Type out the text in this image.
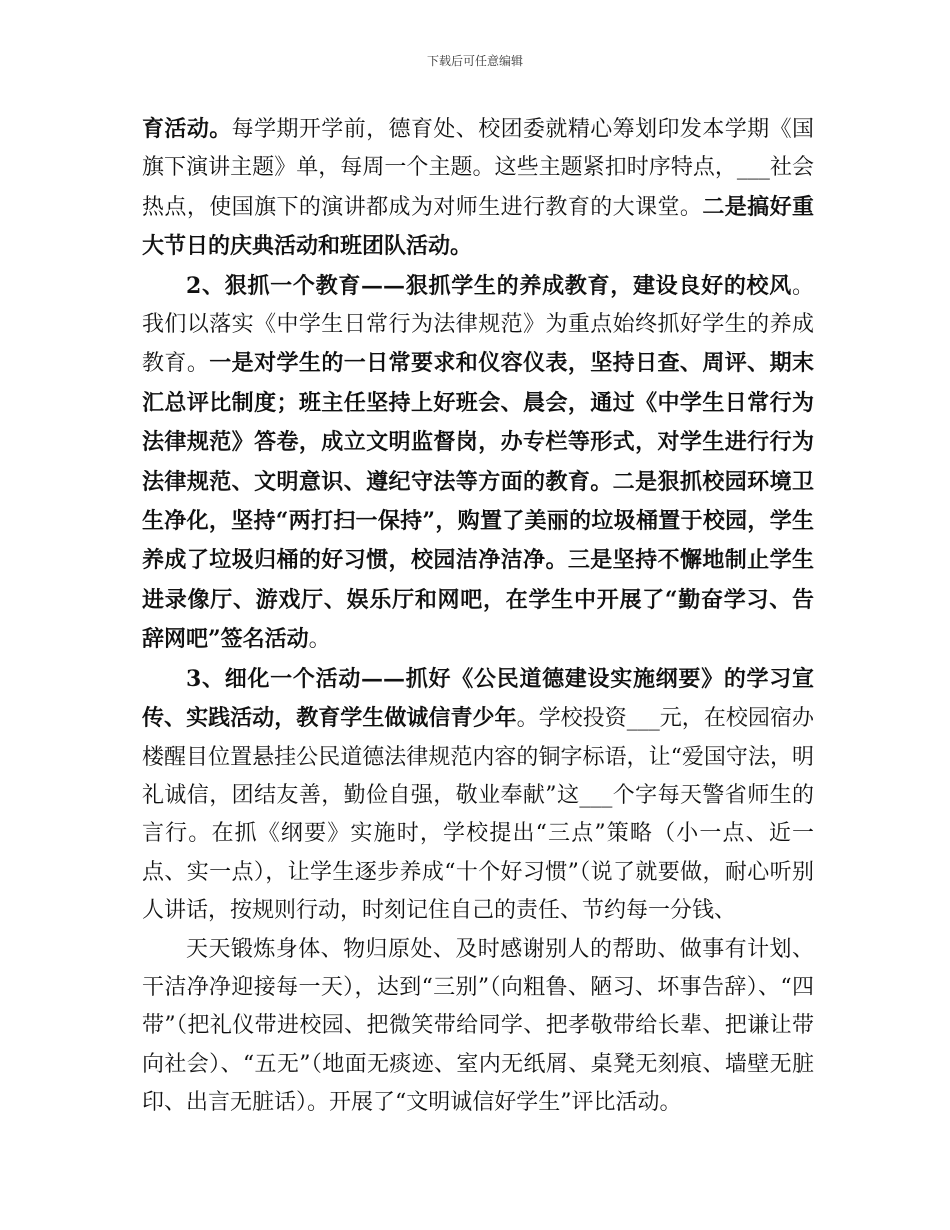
下载后可任意编辑

育活动。每学期开学前，德育处、校团委就精心筹划印发本学期《国旗下演讲主题》单，每周一个主题。这些主题紧扣时序特点，___社会热点，使国旗下的演讲都成为对师生进行教育的大课堂。二是搞好重大节日的庆典活动和班团队活动。

2、狠抓一个教育——狠抓学生的养成教育，建设良好的校风。我们以落实《中学生日常行为法律规范》为重点始终抓好学生的养成教育。一是对学生的一日常要求和仪容仪表，坚持日查、周评、期末汇总评比制度；班主任坚持上好班会、晨会，通过《中学生日常行为法律规范》答卷，成立文明监督岗，办专栏等形式，对学生进行行为法律规范、文明意识、遵纪守法等方面的教育。二是狠抓校园环境卫生净化，坚持“两打扫一保持”，购置了美丽的垃圾桶置于校园，学生养成了垃圾归桶的好习惯，校园洁净洁净。三是坚持不懈地制止学生进录像厅、游戏厅、娱乐厅和网吧，在学生中开展了“勤奋学习、告辞网吧”签名活动。

3、细化一个活动——抓好《公民道德建设实施纲要》的学习宣传、实践活动，教育学生做诚信青少年。学校投资___元，在校园宿办楼醒目位置悬挂公民道德法律规范内容的铜字标语，让“爱国守法，明礼诚信，团结友善，勤俭自强，敬业奉献”这___个字每天警省师生的言行。在抓《纲要》实施时，学校提出“三点”策略（小一点、近一点、实一点），让学生逐步养成“十个好习惯”（说了就要做，耐心听别人讲话，按规则行动，时刻记住自己的责任、节约每一分钱、

天天锻炼身体、物归原处、及时感谢别人的帮助、做事有计划、干洁净净迎接每一天），达到“三别”（向粗鲁、陋习、坏事告辞）、“四带”（把礼仪带进校园、把微笑带给同学、把孝敬带给长辈、把谦让带向社会）、“五无”（地面无痰迹、室内无纸屑、桌凳无刻痕、墙壁无脏印、出言无脏话）。开展了“文明诚信好学生”评比活动。
